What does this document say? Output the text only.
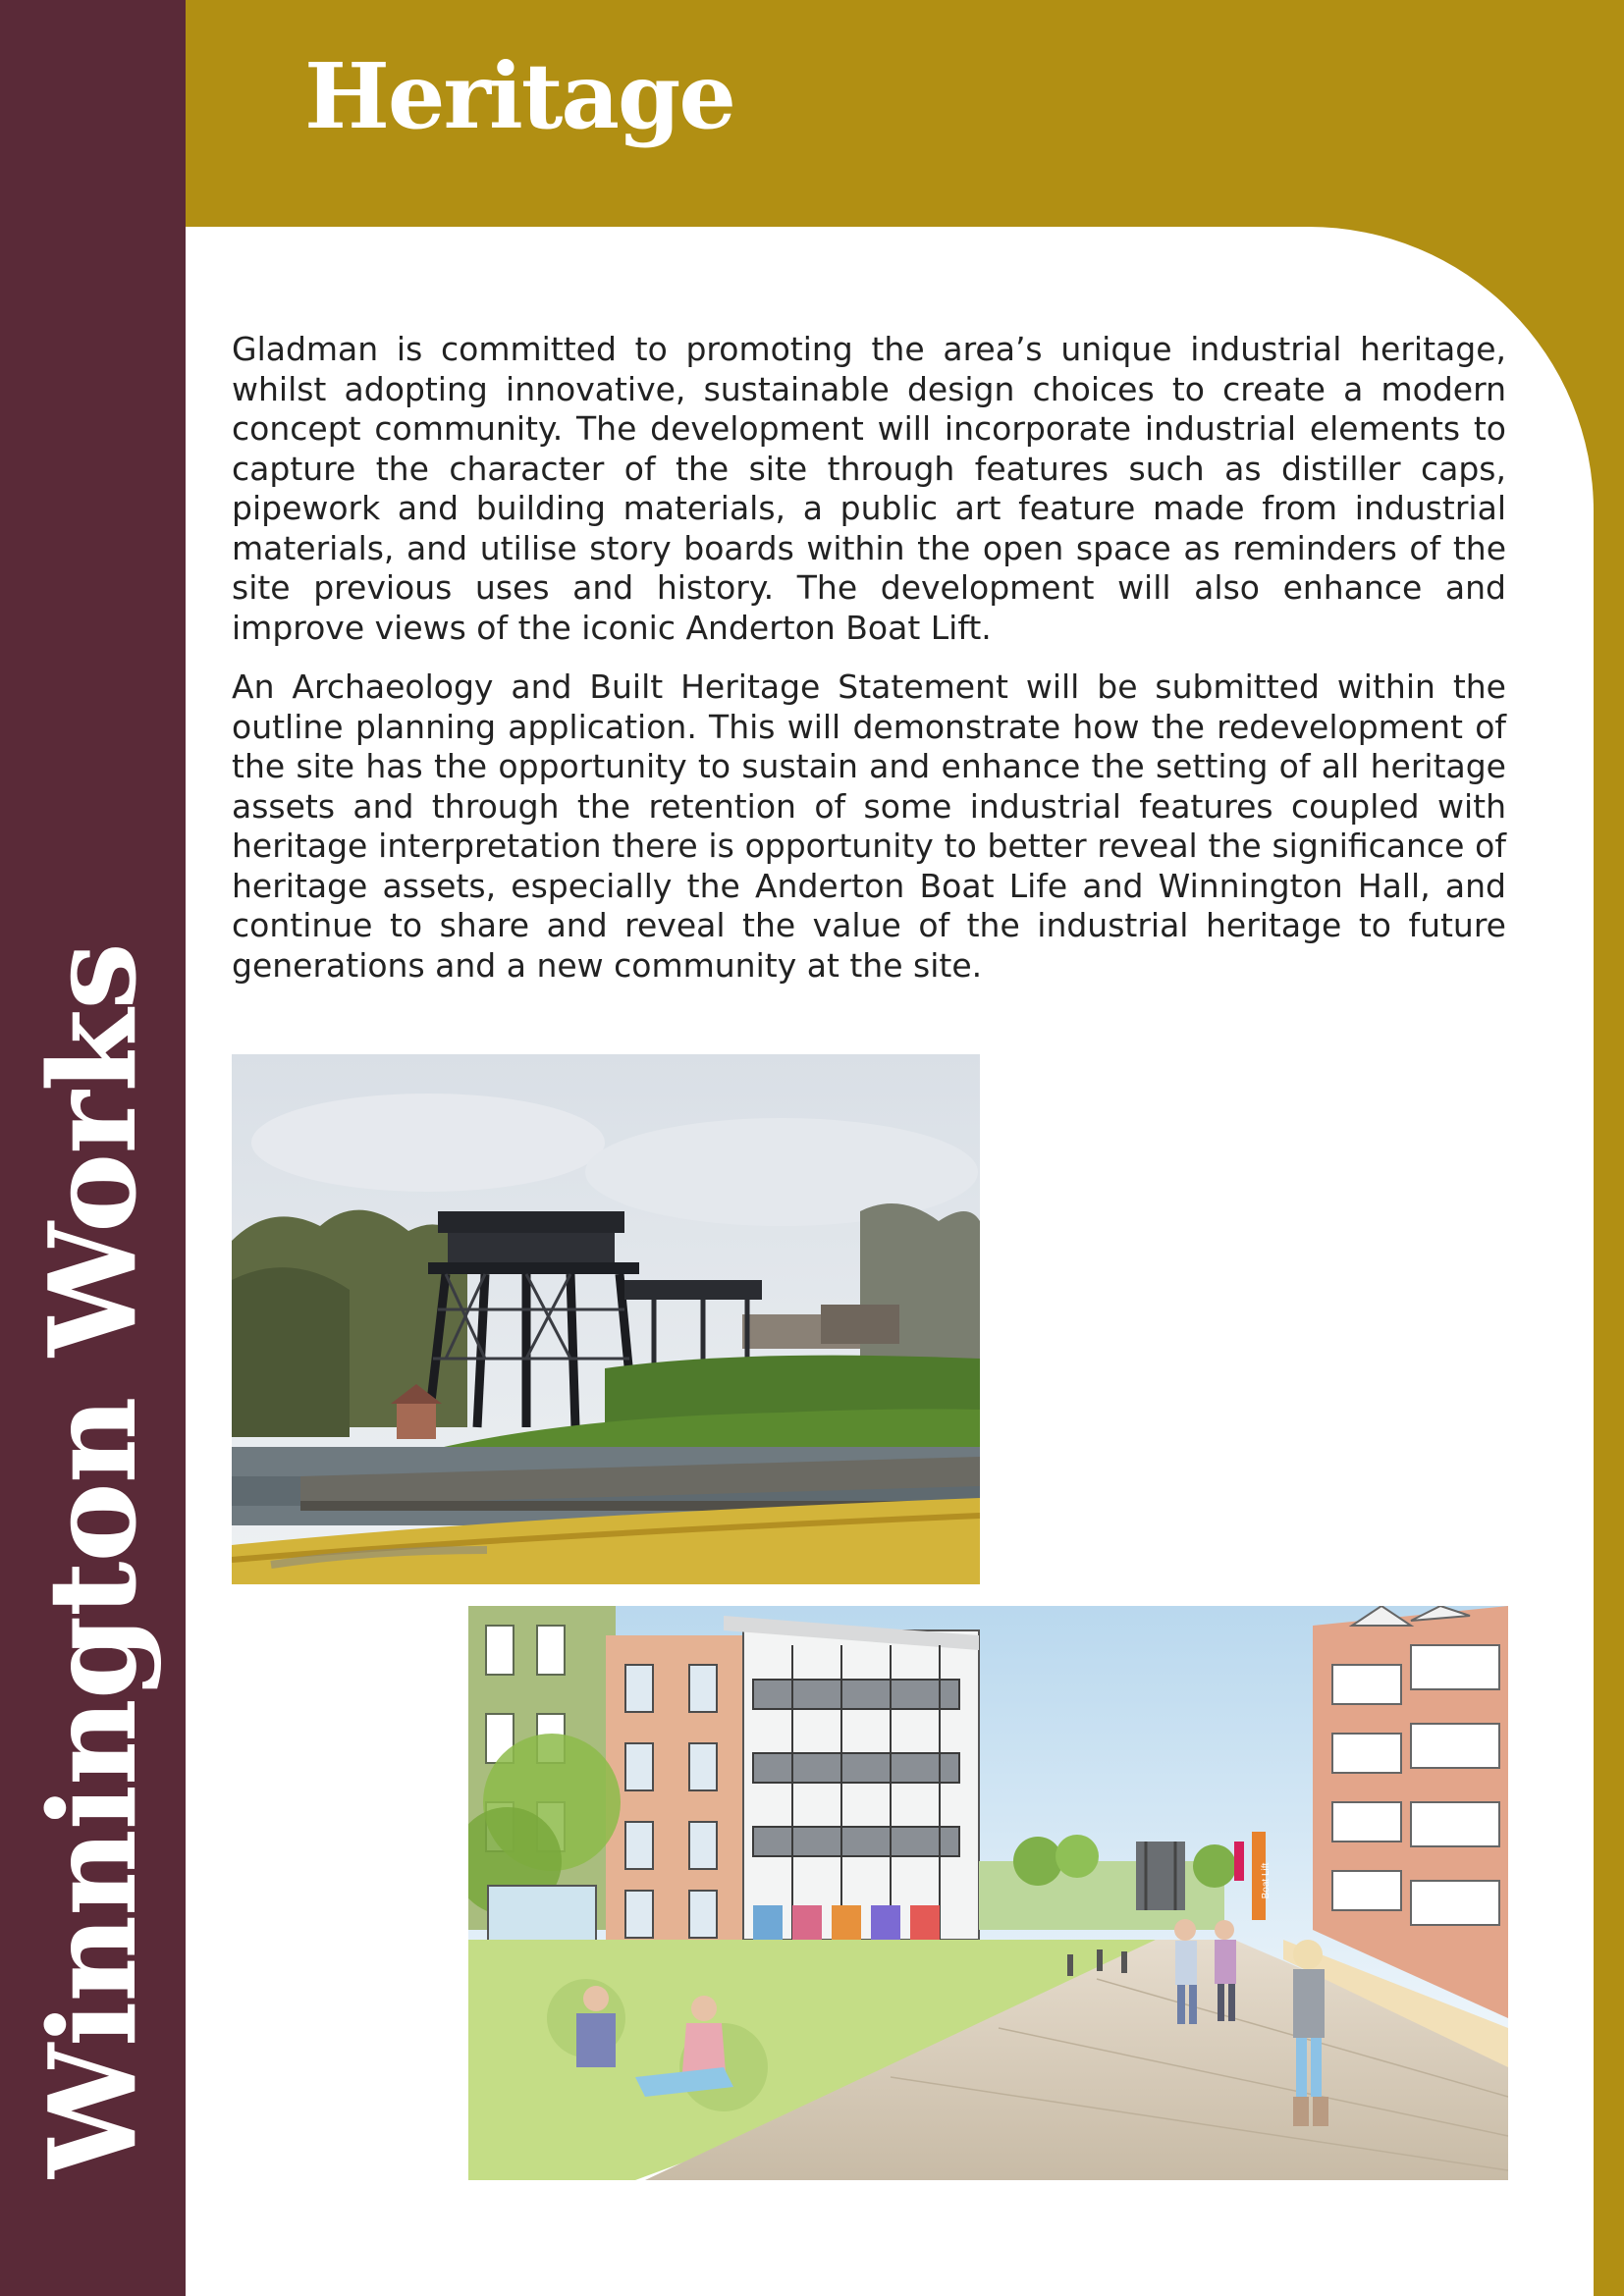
Winnington Works
Heritage

Gladman is committed to promoting the area’s unique industrial heritage, whilst adopting innovative, sustainable design choices to create a modern concept community. The development will incorporate industrial elements to capture the character of the site through features such as distiller caps, pipework and building materials, a public art feature made from industrial materials, and utilise story boards within the open space as reminders of the site previous uses and history. The development will also enhance and improve views of the iconic Anderton Boat Lift.

An Archaeology and Built Heritage Statement will be submitted within the outline planning application. This will demonstrate how the redevelopment of the site has the opportunity to sustain and enhance the setting of all heritage assets and through the retention of some industrial features coupled with heritage interpretation there is opportunity to better reveal the significance of heritage assets, especially the Anderton Boat Life and Winnington Hall, and continue to share and reveal the value of the industrial heritage to future generations and a new community at the site.

Boat Lift
